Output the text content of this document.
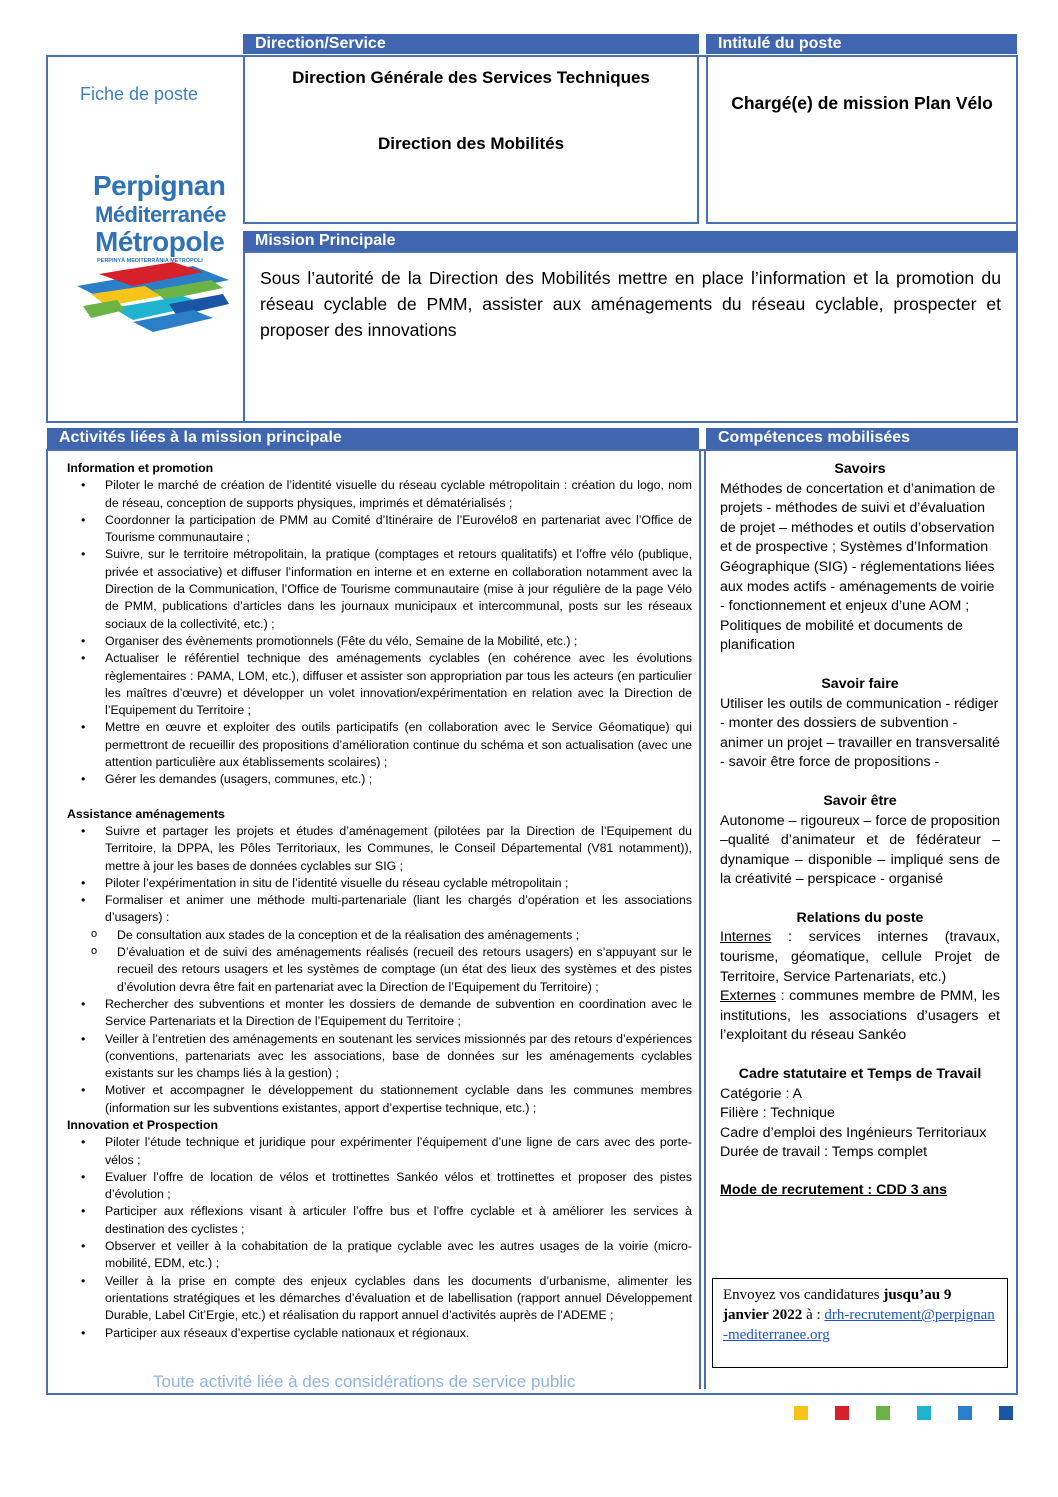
Direction/Service	Intitulé du poste
Fiche de poste
Perpignan
Méditerranée
Métropole
PERPINYÀ MEDITERRÀNIA METRÒPOLI
Direction Générale des Services Techniques
Direction des Mobilités
Chargé(e) de mission Plan Vélo
Mission Principale
Sous l’autorité de la Direction des Mobilités mettre en place l’information et la promotion du réseau cyclable de PMM, assister aux aménagements du réseau cyclable, prospecter et proposer des innovations
Activités liées à la mission principale	Compétences mobilisées

Information et promotion

• Piloter le marché de création de l’identité visuelle du réseau cyclable métropolitain : création du logo, nom de réseau, conception de supports physiques, imprimés et dématérialisés ;
• Coordonner la participation de PMM au Comité d’Itinéraire de l’Eurovélo8 en partenariat avec l’Office de Tourisme communautaire ;
• Suivre, sur le territoire métropolitain, la pratique (comptages et retours qualitatifs) et l’offre vélo (publique, privée et associative) et diffuser l’information en interne et en externe en collaboration notamment avec la Direction de la Communication, l’Office de Tourisme communautaire (mise à jour régulière de la page Vélo de PMM, publications d’articles dans les journaux municipaux et intercommunal, posts sur les réseaux sociaux de la collectivité, etc.) ;
• Organiser des évènements promotionnels (Fête du vélo, Semaine de la Mobilité, etc.) ;
• Actualiser le référentiel technique des aménagements cyclables (en cohérence avec les évolutions règlementaires : PAMA, LOM, etc.), diffuser et assister son appropriation par tous les acteurs (en particulier les maîtres d’œuvre) et développer un volet innovation/expérimentation en relation avec la Direction de l’Equipement du Territoire ;
• Mettre en œuvre et exploiter des outils participatifs (en collaboration avec le Service Géomatique) qui permettront de recueillir des propositions d’amélioration continue du schéma et son actualisation (avec une attention particulière aux établissements scolaires) ;
• Gérer les demandes (usagers, communes, etc.) ;

Assistance aménagements

• Suivre et partager les projets et études d’aménagement (pilotées par la Direction de l’Equipement du Territoire, la DPPA, les Pôles Territoriaux, les Communes, le Conseil Départemental (V81 notamment)), mettre à jour les bases de données cyclables sur SIG ;
• Piloter l’expérimentation in situ de l’identité visuelle du réseau cyclable métropolitain ;
• Formaliser et animer une méthode multi-partenariale (liant les chargés d’opération et les associations d’usagers) :
o De consultation aux stades de la conception et de la réalisation des aménagements ;
o D’évaluation et de suivi des aménagements réalisés (recueil des retours usagers) en s’appuyant sur le recueil des retours usagers et les systèmes de comptage (un état des lieux des systèmes et des pistes d’évolution devra être fait en partenariat avec la Direction de l’Equipement du Territoire) ;
• Rechercher des subventions et monter les dossiers de demande de subvention en coordination avec le Service Partenariats et la Direction de l’Equipement du Territoire ;
• Veiller à l’entretien des aménagements en soutenant les services missionnés par des retours d’expériences (conventions, partenariats avec les associations, base de données sur les aménagements cyclables existants sur les champs liés à la gestion) ;
• Motiver et accompagner le développement du stationnement cyclable dans les communes membres (information sur les subventions existantes, apport d’expertise technique, etc.) ;

Innovation et Prospection

• Piloter l’étude technique et juridique pour expérimenter l’équipement d’une ligne de cars avec des porte-vélos ;
• Evaluer l’offre de location de vélos et trottinettes Sankéo vélos et trottinettes et proposer des pistes d’évolution ;
• Participer aux réflexions visant à articuler l’offre bus et l’offre cyclable et à améliorer les services à destination des cyclistes ;
• Observer et veiller à la cohabitation de la pratique cyclable avec les autres usages de la voirie (micro-mobilité, EDM, etc.) ;
• Veiller à la prise en compte des enjeux cyclables dans les documents d’urbanisme, alimenter les orientations stratégiques et les démarches d’évaluation et de labellisation (rapport annuel Développement Durable, Label Cit’Ergie, etc.) et réalisation du rapport annuel d’activités auprès de l’ADEME ;
• Participer aux réseaux d’expertise cyclable nationaux et régionaux.
Toute activité liée à des considérations de service public
Savoirs
Méthodes de concertation et d’animation de projets - méthodes de suivi et d’évaluation de projet – méthodes et outils d’observation et de prospective ; Systèmes d’Information Géographique (SIG) - réglementations liées aux modes actifs - aménagements de voirie - fonctionnement et enjeux d’une AOM ; Politiques de mobilité et documents de planification
Savoir faire
Utiliser les outils de communication - rédiger - monter des dossiers de subvention - animer un projet – travailler en transversalité - savoir être force de propositions -
Savoir être
Autonome – rigoureux – force de proposition –qualité d’animateur et de fédérateur – dynamique – disponible – impliqué sens de la créativité – perspicace - organisé
Relations du poste
Internes : services internes (travaux, tourisme, géomatique, cellule Projet de Territoire, Service Partenariats, etc.)
Externes : communes membre de PMM, les institutions, les associations d’usagers et l’exploitant du réseau Sankéo
Cadre statutaire et Temps de Travail
Catégorie : A
Filière : Technique
Cadre d’emploi des Ingénieurs Territoriaux
Durée de travail : Temps complet
Mode de recrutement : CDD 3 ans
Envoyez vos candidatures jusqu’au 9 janvier 2022 à : drh-recrutement@perpignan-mediterranee.org
